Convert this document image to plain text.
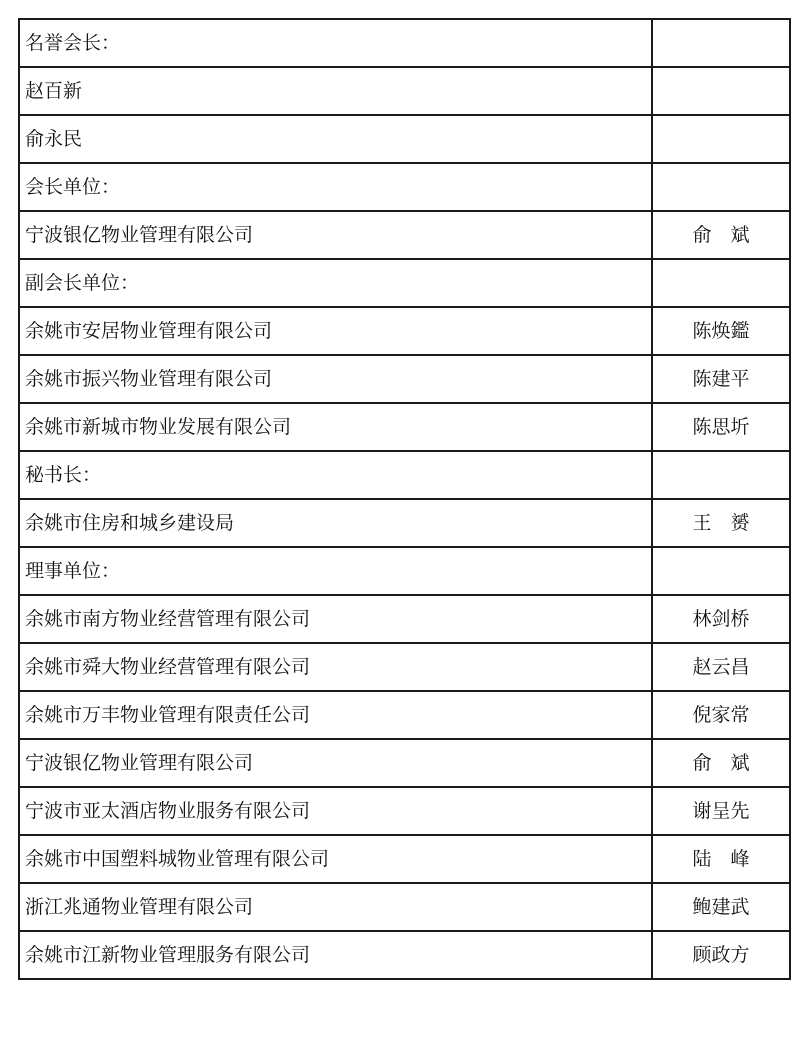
名誉会长：	
赵百新	
俞永民	
会长单位：	
宁波银亿物业管理有限公司	俞　斌
副会长单位：	
余姚市安居物业管理有限公司	陈焕鑑
余姚市振兴物业管理有限公司	陈建平
余姚市新城市物业发展有限公司	陈思圻
秘书长：	
余姚市住房和城乡建设局	王　赟
理事单位：	
余姚市南方物业经营管理有限公司	林剑桥
余姚市舜大物业经营管理有限公司	赵云昌
余姚市万丰物业管理有限责任公司	倪家常
宁波银亿物业管理有限公司	俞　斌
宁波市亚太酒店物业服务有限公司	谢呈先
余姚市中国塑料城物业管理有限公司	陆　峰
浙江兆通物业管理有限公司	鲍建武
余姚市江新物业管理服务有限公司	顾政方
